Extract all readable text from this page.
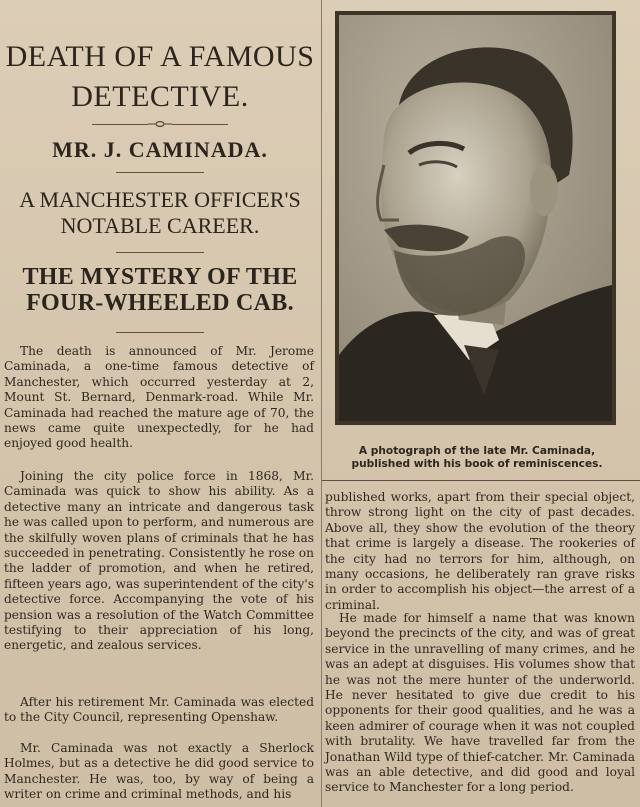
DEATH OF A FAMOUS
DETECTIVE.
MR. J. CAMINADA.
A MANCHESTER OFFICER'S
NOTABLE CAREER.
THE MYSTERY OF THE
FOUR-WHEELED CAB.
The death is announced of Mr. Jerome Caminada, a one-time famous detective of Manchester, which occurred yesterday at 2, Mount St. Bernard, Denmark-road. While Mr. Caminada had reached the mature age of 70, the news came quite unexpectedly, for he had enjoyed good health.
Joining the city police force in 1868, Mr. Caminada was quick to show his ability. As a detective many an intricate and dangerous task he was called upon to perform, and numerous are the skilfully woven plans of criminals that he has succeeded in penetrating. Consistently he rose on the ladder of promotion, and when he retired, fifteen years ago, was superintendent of the city's detective force. Accompanying the vote of his pension was a resolution of the Watch Committee testifying to their appreciation of his long, energetic, and zealous services.
After his retirement Mr. Caminada was elected to the City Council, representing Openshaw.
Mr. Caminada was not exactly a Sherlock Holmes, but as a detective he did good service to Manchester. He was, too, by way of being a writer on crime and criminal methods, and his
A photograph of the late Mr. Caminada,
published with his book of reminiscences.
published works, apart from their special object, throw strong light on the city of past decades. Above all, they show the evolution of the theory that crime is largely a disease. The rookeries of the city had no terrors for him, although, on many occasions, he deliberately ran grave risks in order to accomplish his object—the arrest of a criminal.
He made for himself a name that was known beyond the precincts of the city, and was of great service in the unravelling of many crimes, and he was an adept at disguises. His volumes show that he was not the mere hunter of the underworld. He never hesitated to give due credit to his opponents for their good qualities, and he was a keen admirer of courage when it was not coupled with brutality. We have travelled far from the Jonathan Wild type of thief-catcher. Mr. Caminada was an able detective, and did good and loyal service to Manchester for a long period.
